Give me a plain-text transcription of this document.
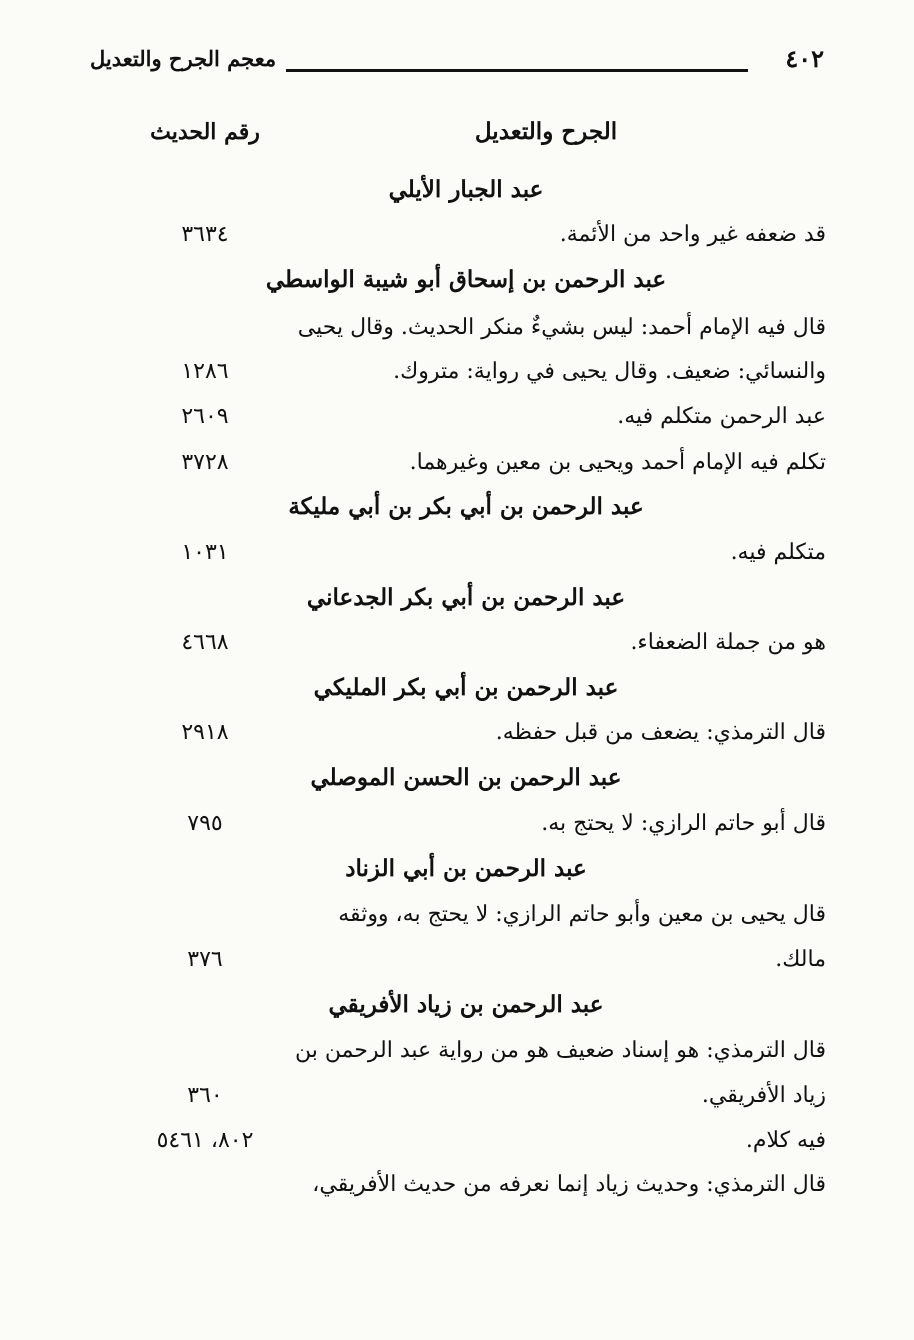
٤٠٢
معجم الجرح والتعديل
الجرح والتعديل
رقم الحديث
عبد الجبار الأيلي
قد ضعفه غير واحد من الأئمة.
٣٦٣٤
عبد الرحمن بن إسحاق أبو شيبة الواسطي
قال فيه الإمام أحمد: ليس بشيءٌ منكر الحديث. وقال يحيى
والنسائي: ضعيف. وقال يحيى في رواية: متروك.
١٢٨٦
عبد الرحمن متكلم فيه.
٢٦٠٩
تكلم فيه الإمام أحمد ويحيى بن معين وغيرهما.
٣٧٢٨
عبد الرحمن بن أبي بكر بن أبي مليكة
متكلم فيه.
١٠٣١
عبد الرحمن بن أبي بكر الجدعاني
هو من جملة الضعفاء.
٤٦٦٨
عبد الرحمن بن أبي بكر المليكي
قال الترمذي: يضعف من قبل حفظه.
٢٩١٨
عبد الرحمن بن الحسن الموصلي
قال أبو حاتم الرازي: لا يحتج به.
٧٩٥
عبد الرحمن بن أبي الزناد
قال يحيى بن معين وأبو حاتم الرازي: لا يحتج به، ووثقه
مالك.
٣٧٦
عبد الرحمن بن زياد الأفريقي
قال الترمذي: هو إسناد ضعيف هو من رواية عبد الرحمن بن
زياد الأفريقي.
٣٦٠
فيه كلام.
٨٠٢، ٥٤٦١
قال الترمذي: وحديث زياد إنما نعرفه من حديث الأفريقي،
